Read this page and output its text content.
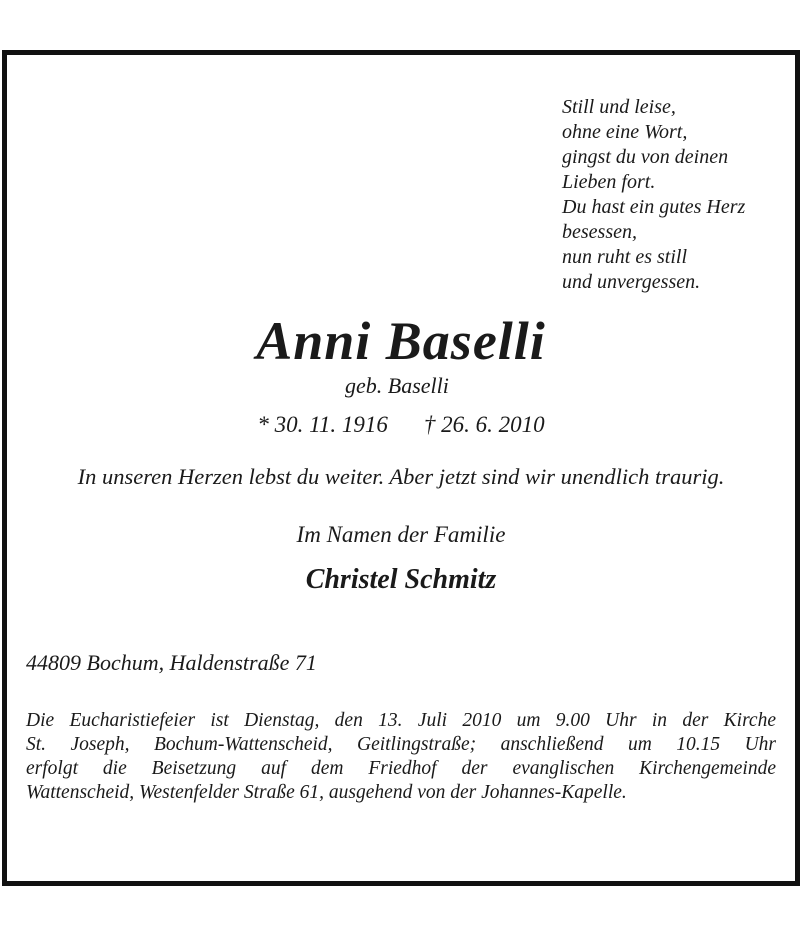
Still und leise,
ohne eine Wort,
gingst du von deinen
Lieben fort.
Du hast ein gutes Herz
besessen,
nun ruht es still
und unvergessen.
Anni Baselli
geb. Baselli
* 30. 11. 1916 † 26. 6. 2010
In unseren Herzen lebst du weiter. Aber jetzt sind wir unendlich traurig.
Im Namen der Familie
Christel Schmitz
44809 Bochum, Haldenstraße 71
Die Eucharistiefeier ist Dienstag, den 13. Juli 2010 um 9.00 Uhr in der Kirche
St. Joseph, Bochum-Wattenscheid, Geitlingstraße; anschließend um 10.15 Uhr
erfolgt die Beisetzung auf dem Friedhof der evanglischen Kirchengemeinde
Wattenscheid, Westenfelder Straße 61, ausgehend von der Johannes-Kapelle.
